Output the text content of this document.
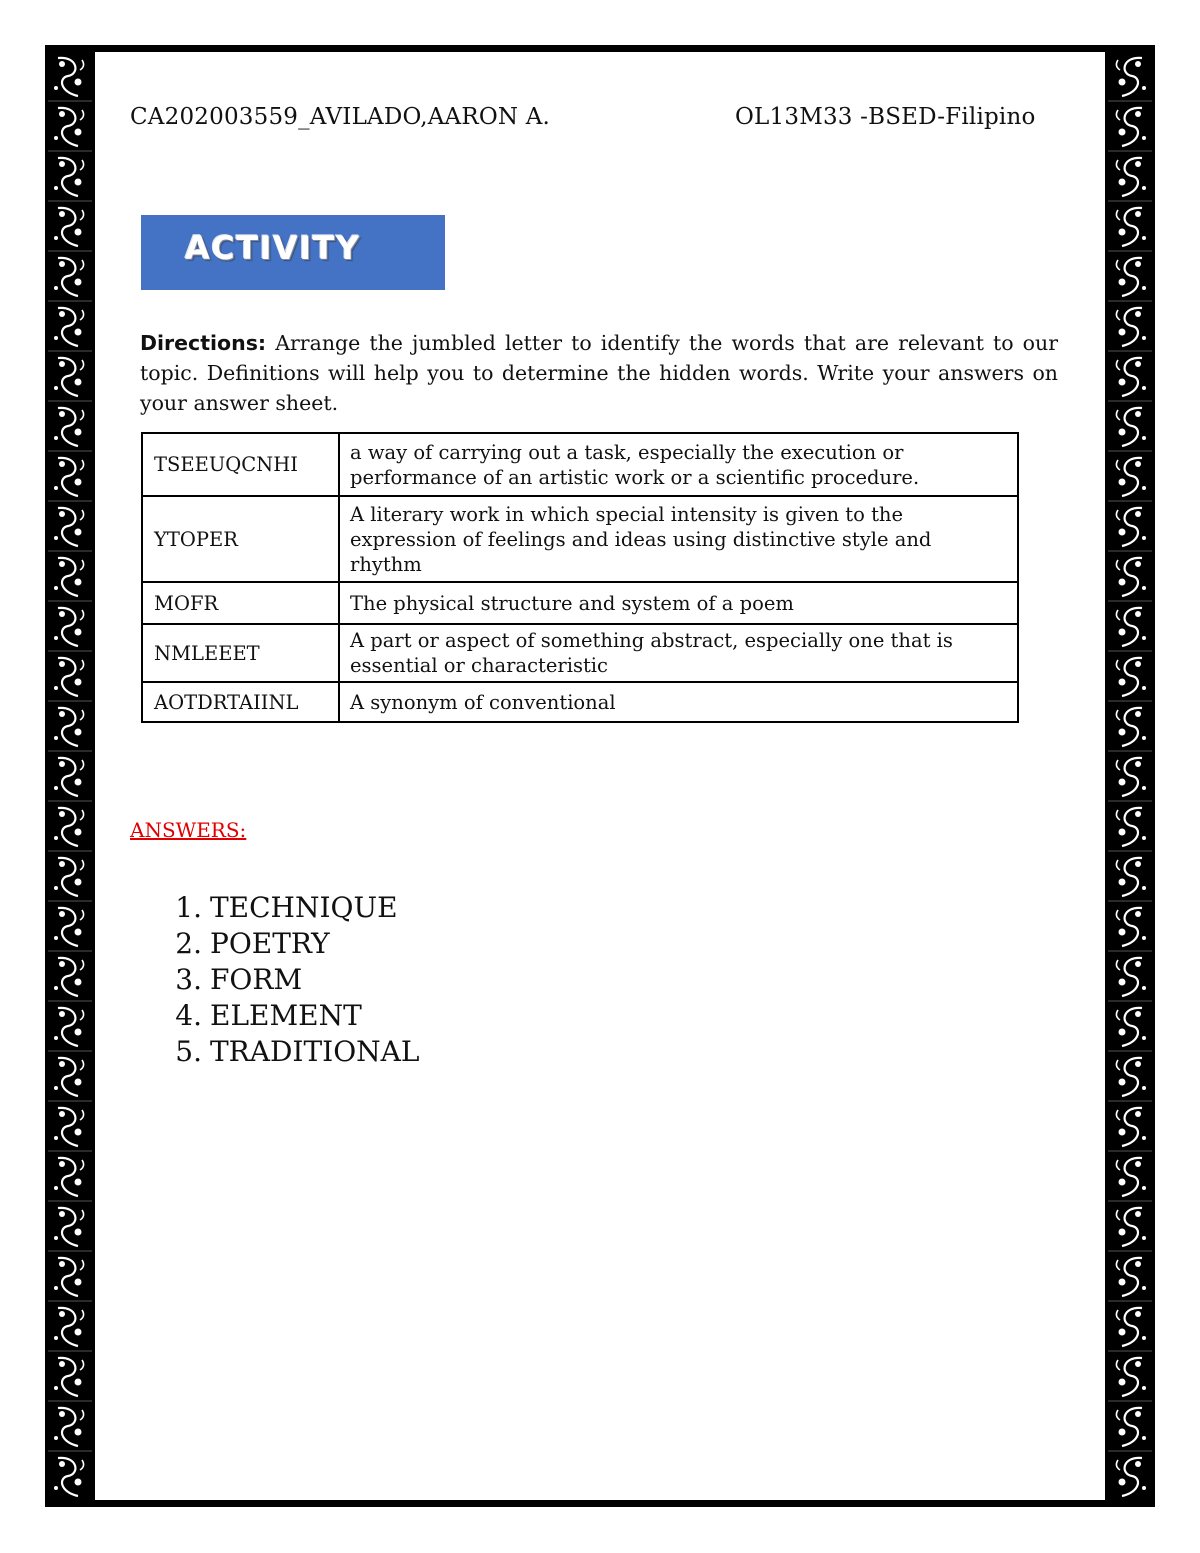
CA202003559_AVILADO,AARON A.	OL13M33 -BSED-Filipino
ACTIVITY
Directions: Arrange the jumbled letter to identify the words that are relevant to our topic. Definitions will help you to determine the hidden words. Write your answers on your answer sheet.
TSEEUQCNHI	a way of carrying out a task, especially the execution or performance of an artistic work or a scientific procedure.
YTOPER	A literary work in which special intensity is given to the expression of feelings and ideas using distinctive style and rhythm
MOFR	The physical structure and system of a poem
NMLEEET	A part or aspect of something abstract, especially one that is essential or characteristic
AOTDRTAIINL	A synonym of conventional
ANSWERS:
1. TECHNIQUE
2. POETRY
3. FORM
4. ELEMENT
5. TRADITIONAL
